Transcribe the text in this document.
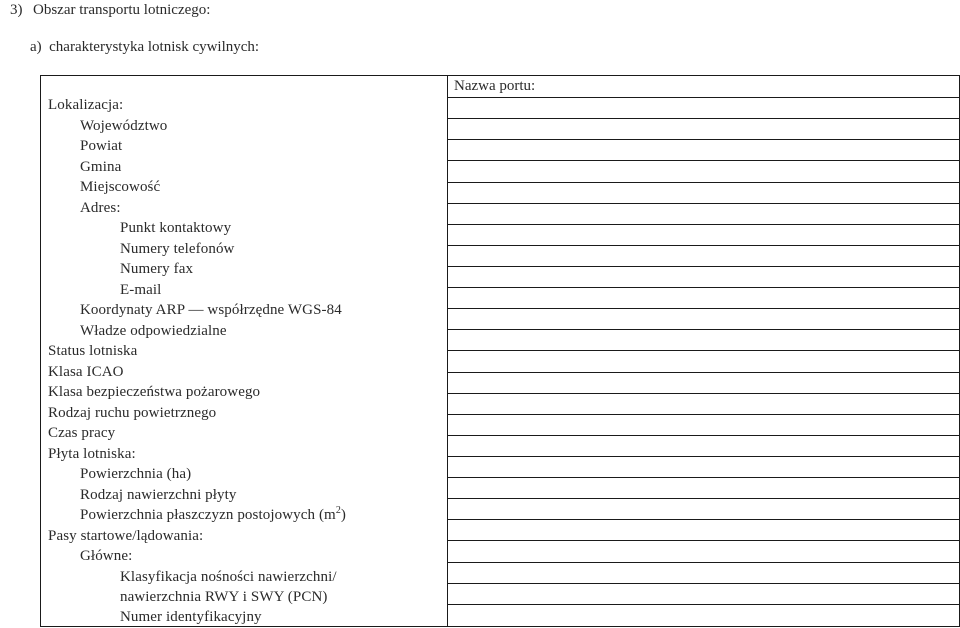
3) Obszar transportu lotniczego:
a)  charakterystyka lotnisk cywilnych:
	Nazwa portu:

Lokalizacja:
Województwo
Powiat
Gmina
Miejscowość
Adres:
Punkt kontaktowy
Numery telefonów
Numery fax
E-mail
Koordynaty ARP — współrzędne WGS-84
Władze odpowiedzialne
Status lotniska
Klasa ICAO
Klasa bezpieczeństwa pożarowego
Rodzaj ruchu powietrznego
Czas pracy
Płyta lotniska:
Powierzchnia (ha)
Rodzaj nawierzchni płyty
Powierzchnia płaszczyzn postojowych $(m^2)$
Pasy startowe/lądowania:
Główne:
Klasyfikacja nośności nawierzchni/
nawierzchnia RWY i SWY (PCN)
Numer identyfikacyjny
